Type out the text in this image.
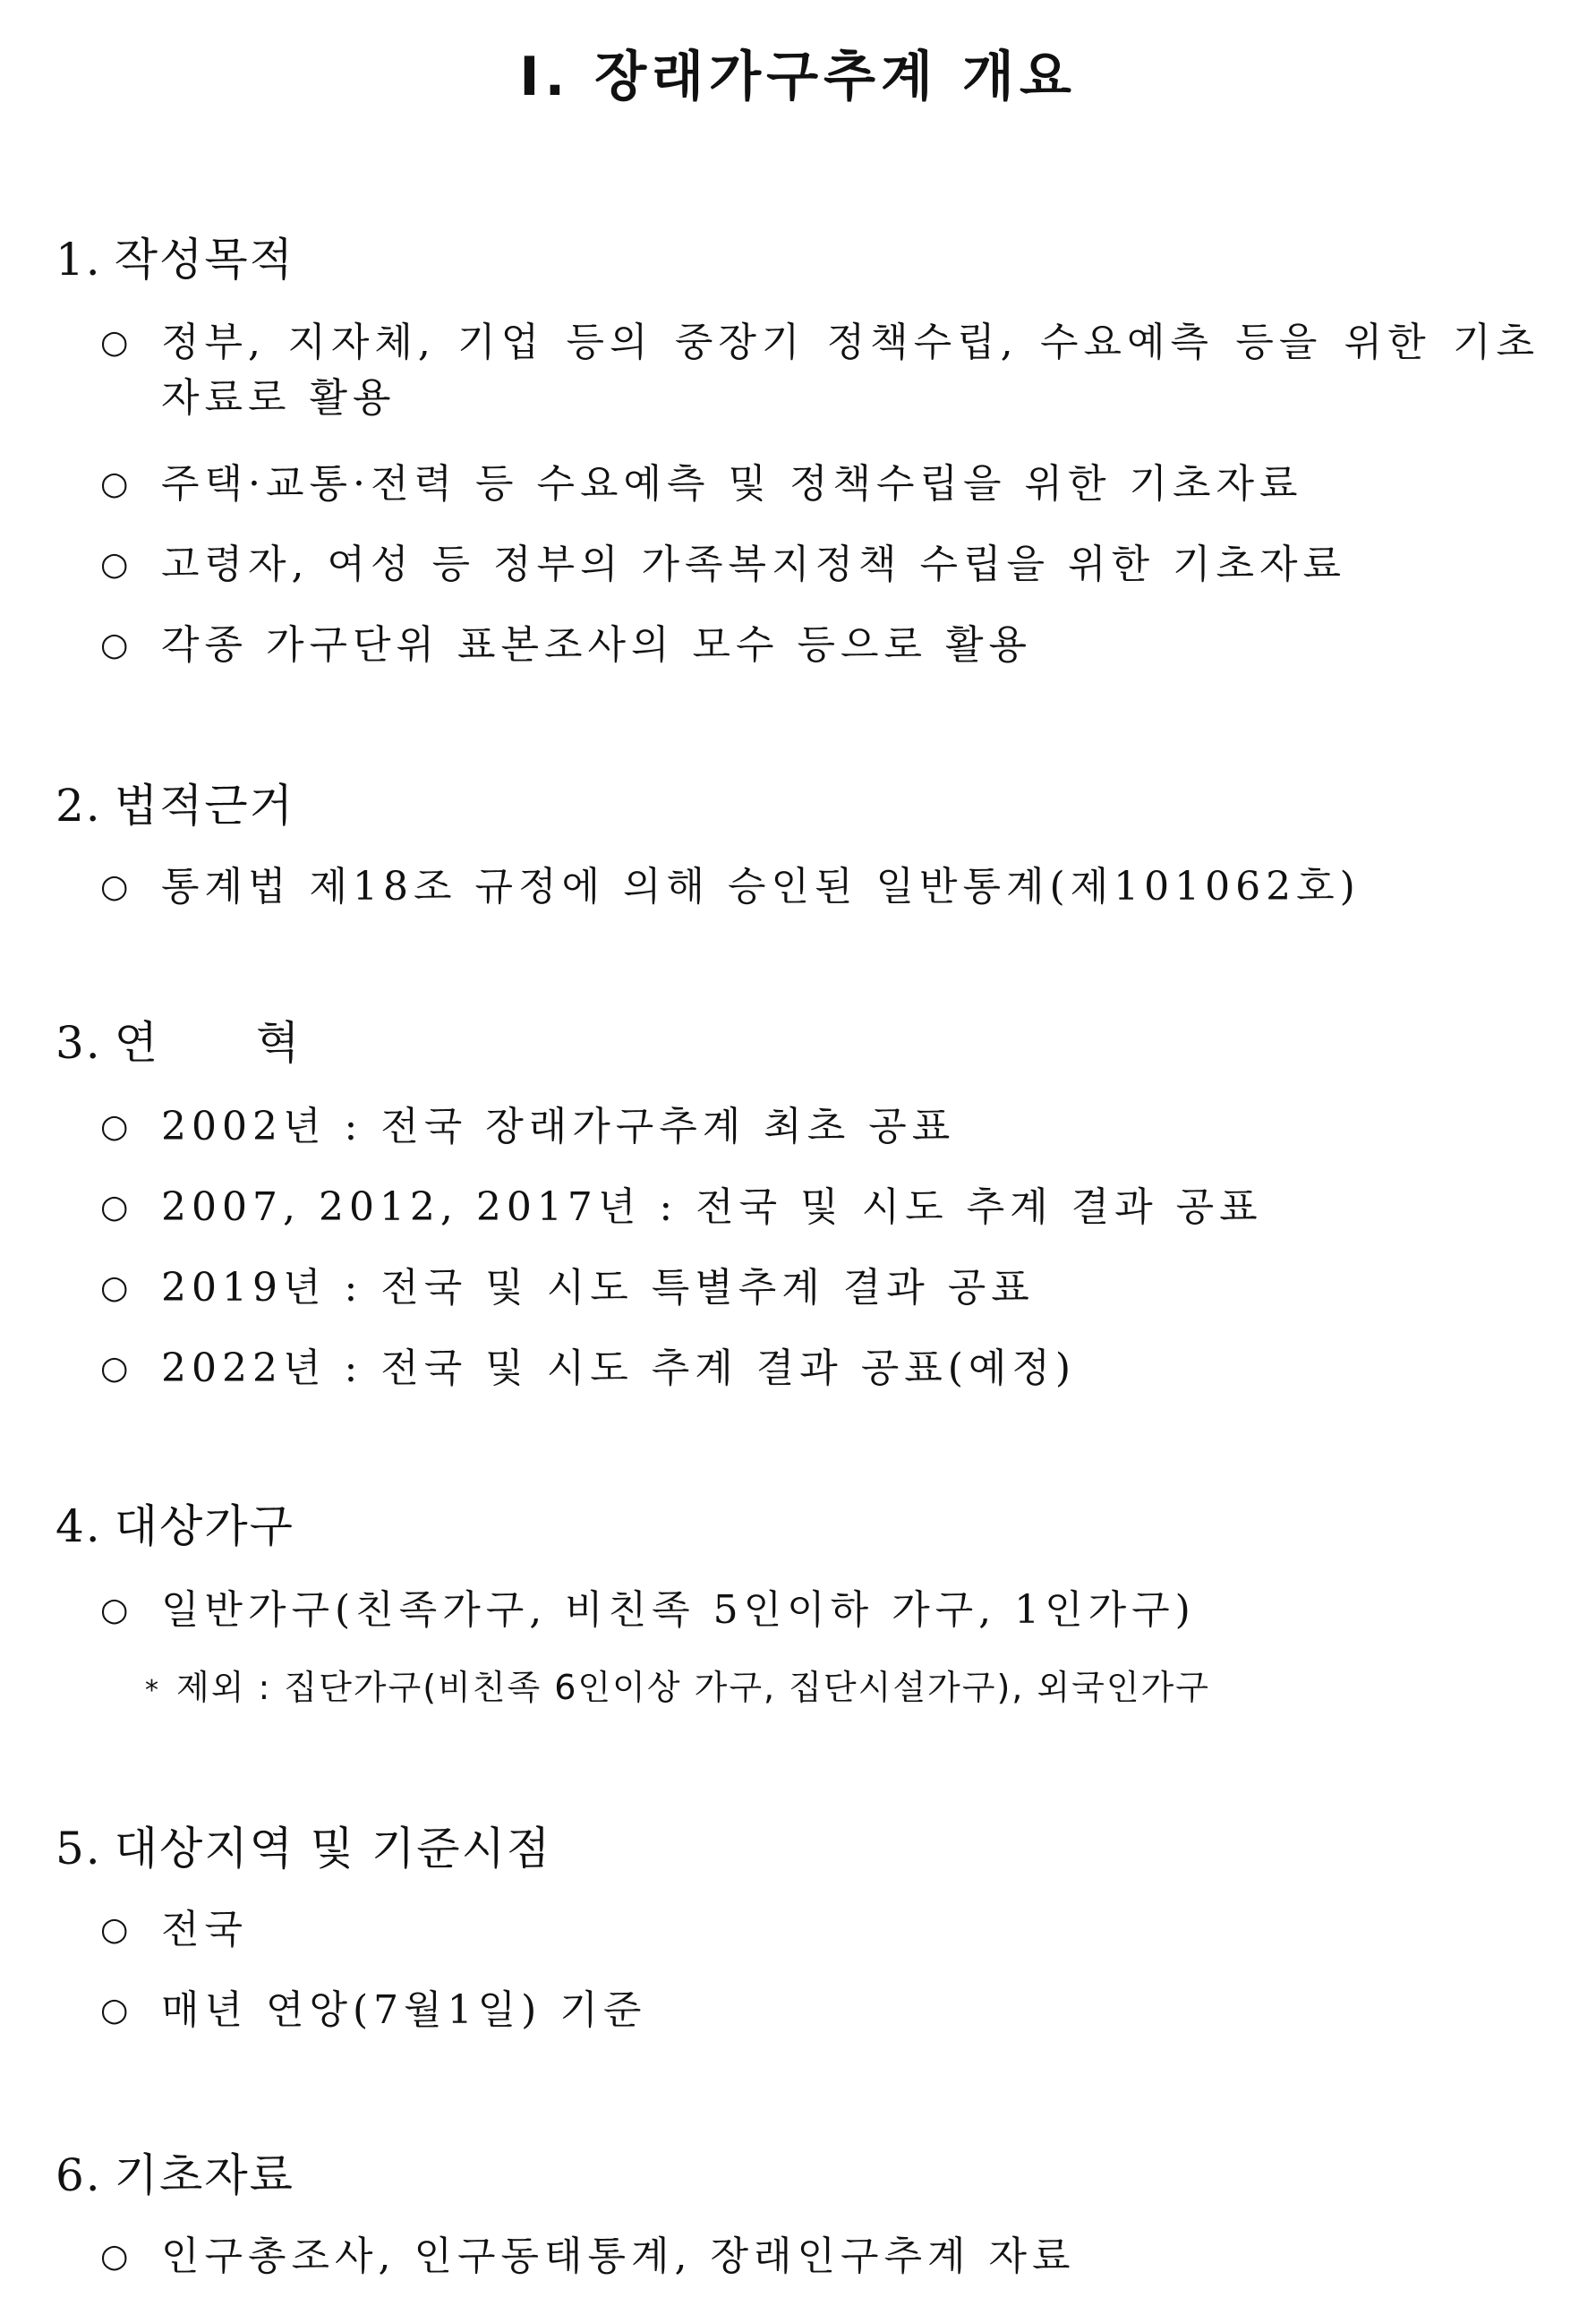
Ⅰ. 장래가구추계 개요
1. 작성목적
○ 정부, 지자체, 기업 등의 중장기 정책수립, 수요예측 등을 위한 기초자료로 활용
○ 주택·교통·전력 등 수요예측 및 정책수립을 위한 기초자료
○ 고령자, 여성 등 정부의 가족복지정책 수립을 위한 기초자료
○ 각종 가구단위 표본조사의 모수 등으로 활용
2. 법적근거
○ 통계법 제18조 규정에 의해 승인된 일반통계(제101062호)
3. 연혁
○ 2002년 : 전국 장래가구추계 최초 공표
○ 2007, 2012, 2017년 : 전국 및 시도 추계 결과 공표
○ 2019년 : 전국 및 시도 특별추계 결과 공표
○ 2022년 : 전국 및 시도 추계 결과 공표(예정)
4. 대상가구
○ 일반가구(친족가구, 비친족 5인이하 가구, 1인가구)
* 제외 : 집단가구(비친족 6인이상 가구, 집단시설가구), 외국인가구
5. 대상지역 및 기준시점
○ 전국
○ 매년 연앙(7월1일) 기준
6. 기초자료
○ 인구총조사, 인구동태통계, 장래인구추계 자료
